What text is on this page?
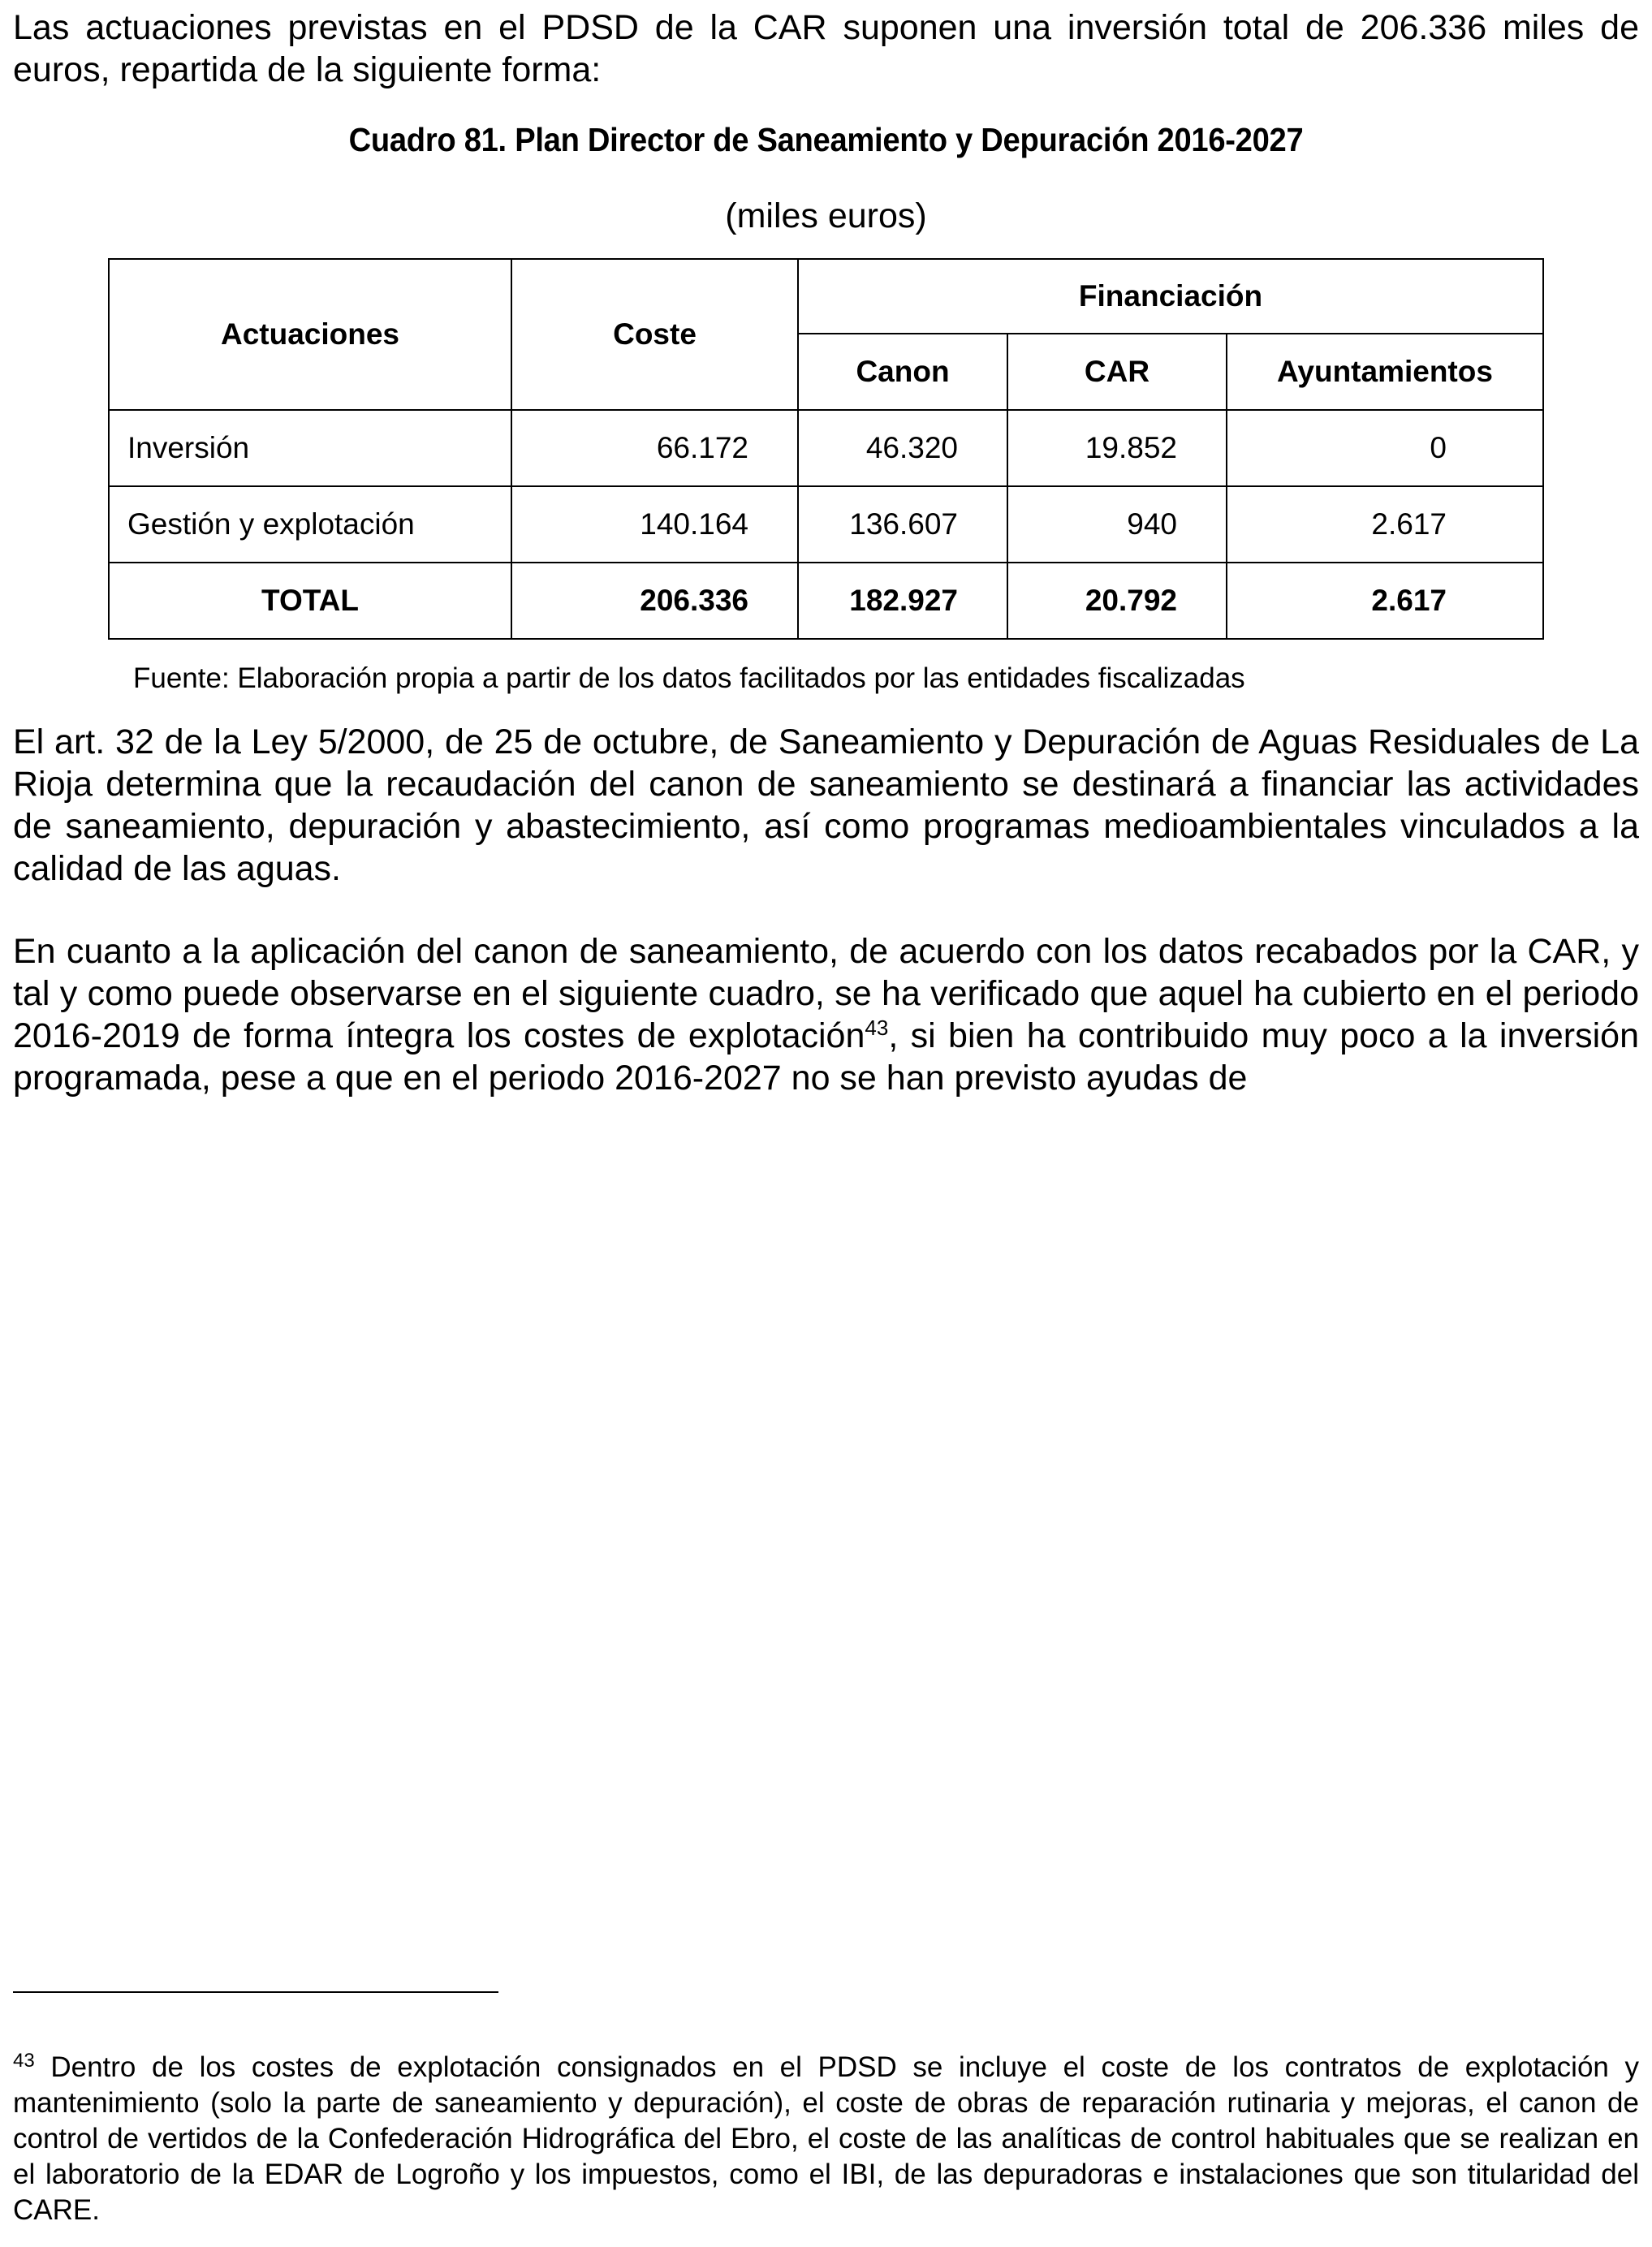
Las actuaciones previstas en el PDSD de la CAR suponen una inversión total de 206.336 miles de euros, repartida de la siguiente forma:

Cuadro 81. Plan Director de Saneamiento y Depuración 2016-2027

(miles euros)

Actuaciones	Coste	Financiación		
		Canon	CAR	Ayuntamientos
Inversión	66.172	46.320	19.852	0
Gestión y explotación	140.164	136.607	940	2.617
TOTAL	206.336	182.927	20.792	2.617

Fuente: Elaboración propia a partir de los datos facilitados por las entidades fiscalizadas

El art. 32 de la Ley 5/2000, de 25 de octubre, de Saneamiento y Depuración de Aguas Residuales de La Rioja determina que la recaudación del canon de saneamiento se destinará a financiar las actividades de saneamiento, depuración y abastecimiento, así como programas medioambientales vinculados a la calidad de las aguas.

En cuanto a la aplicación del canon de saneamiento, de acuerdo con los datos recabados por la CAR, y tal y como puede observarse en el siguiente cuadro, se ha verificado que aquel ha cubierto en el periodo 2016-2019 de forma íntegra los costes de explotación$^{43}$, si bien ha contribuido muy poco a la inversión programada, pese a que en el periodo 2016-2027 no se han previsto ayudas de

$^{43}$ Dentro de los costes de explotación consignados en el PDSD se incluye el coste de los contratos de explotación y mantenimiento (solo la parte de saneamiento y depuración), el coste de obras de reparación rutinaria y mejoras, el canon de control de vertidos de la Confederación Hidrográfica del Ebro, el coste de las analíticas de control habituales que se realizan en el laboratorio de la EDAR de Logroño y los impuestos, como el IBI, de las depuradoras e instalaciones que son titularidad del CARE.
